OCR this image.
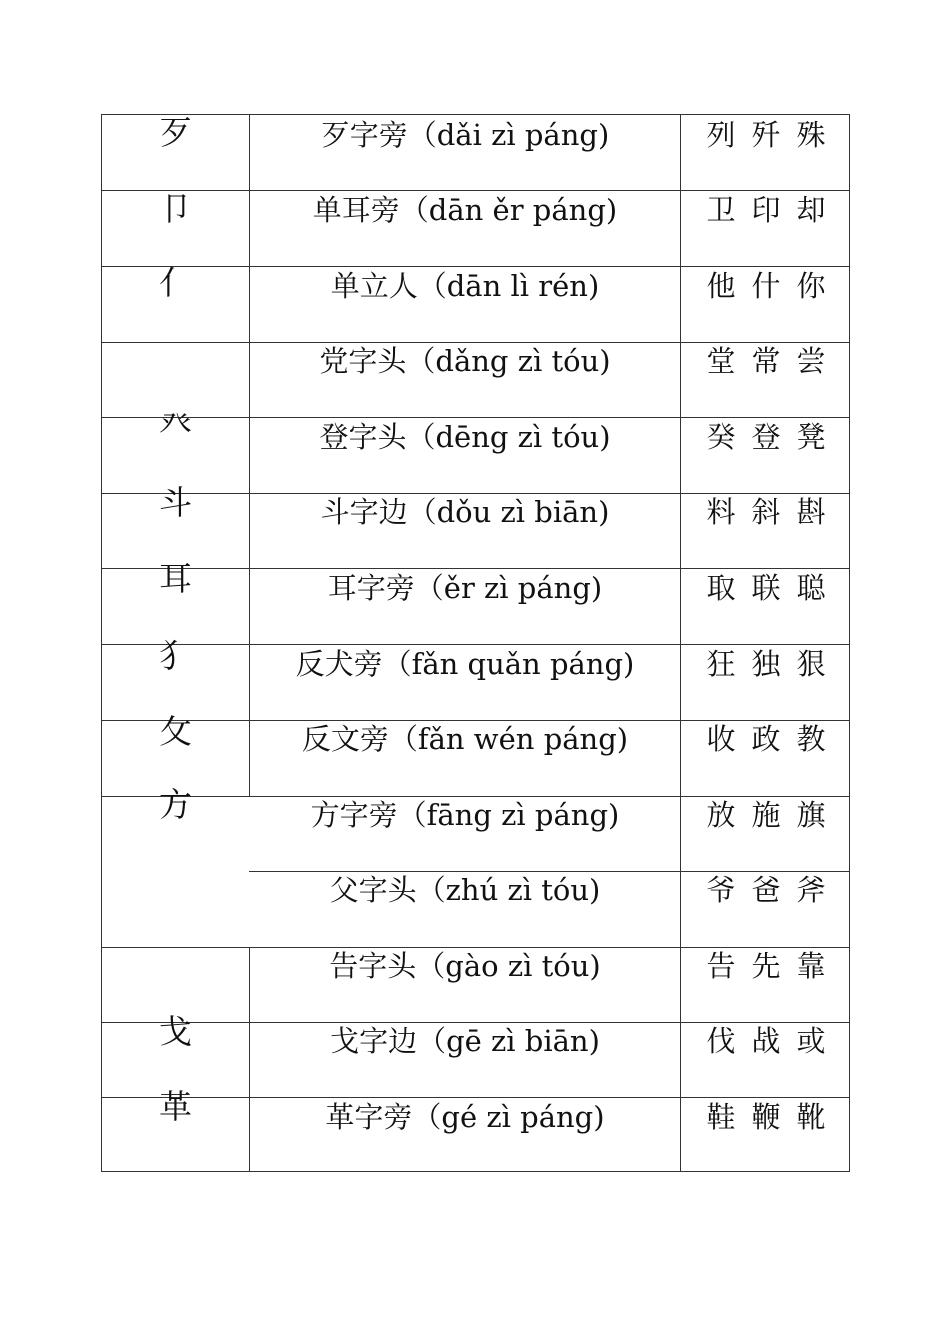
歹
卩
亻
癶
斗
耳
犭
攵
方
戈
革
歹字旁（dǎi zì páng)
单耳旁（dān ěr páng)
单立人（dān lì rén)
党字头（dǎng zì tóu)
登字头（dēng zì tóu)
斗字边（dǒu zì biān)
耳字旁（ěr zì páng)
反犬旁（fǎn quǎn páng)
反文旁（fǎn wén páng)
方字旁（fāng zì páng)
父字头（zhú zì tóu)
告字头（gào zì tóu)
戈字边（gē zì biān)
革字旁（gé zì páng)
列歼殊
卫印却
他什你
堂常尝
癸登凳
料斜斟
取联聪
狂独狠
收政教
放施旗
爷爸斧
告先靠
伐战或
鞋鞭靴
